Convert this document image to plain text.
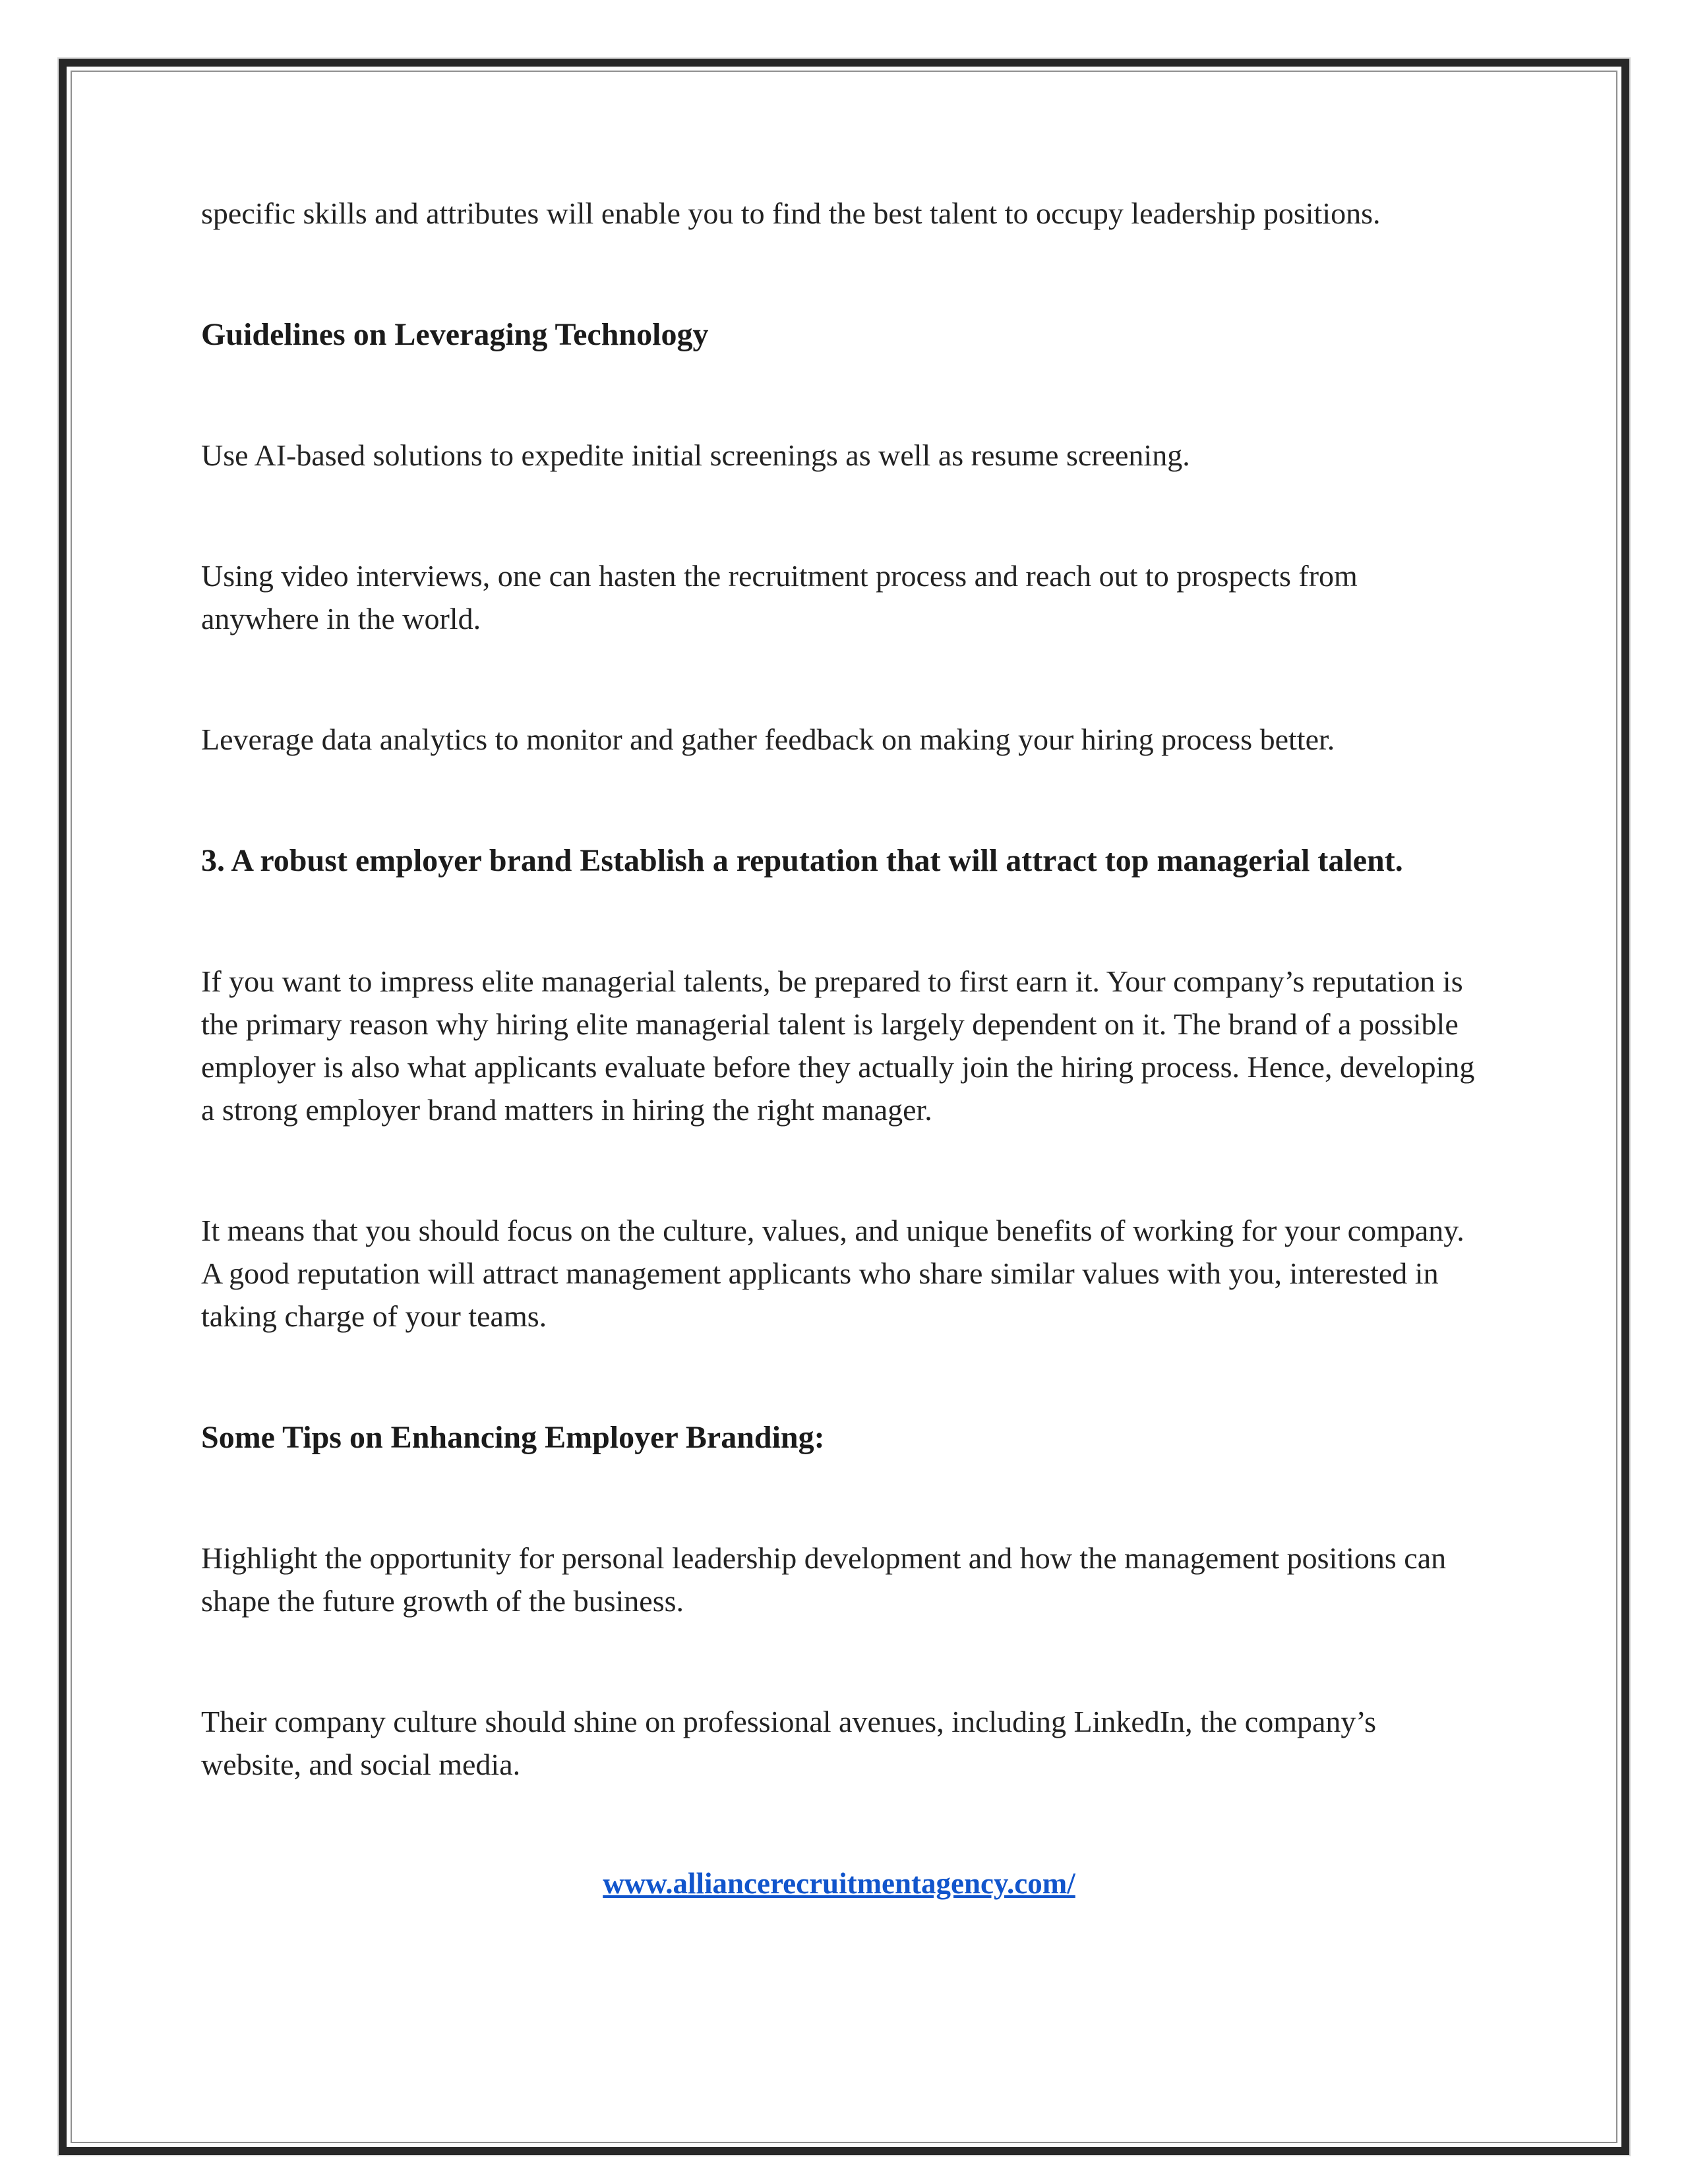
specific skills and attributes will enable you to find the best talent to occupy leadership positions.

Guidelines on Leveraging Technology

Use AI-based solutions to expedite initial screenings as well as resume screening.

Using video interviews, one can hasten the recruitment process and reach out to prospects from anywhere in the world.

Leverage data analytics to monitor and gather feedback on making your hiring process better.

3. A robust employer brand Establish a reputation that will attract top managerial talent.

If you want to impress elite managerial talents, be prepared to first earn it. Your company’s reputation is the primary reason why hiring elite managerial talent is largely dependent on it. The brand of a possible employer is also what applicants evaluate before they actually join the hiring process. Hence, developing a strong employer brand matters in hiring the right manager.

It means that you should focus on the culture, values, and unique benefits of working for your company. A good reputation will attract management applicants who share similar values with you, interested in taking charge of your teams.

Some Tips on Enhancing Employer Branding:

Highlight the opportunity for personal leadership development and how the management positions can shape the future growth of the business.

Their company culture should shine on professional avenues, including LinkedIn, the company’s website, and social media.

www.alliancerecruitmentagency.com/
